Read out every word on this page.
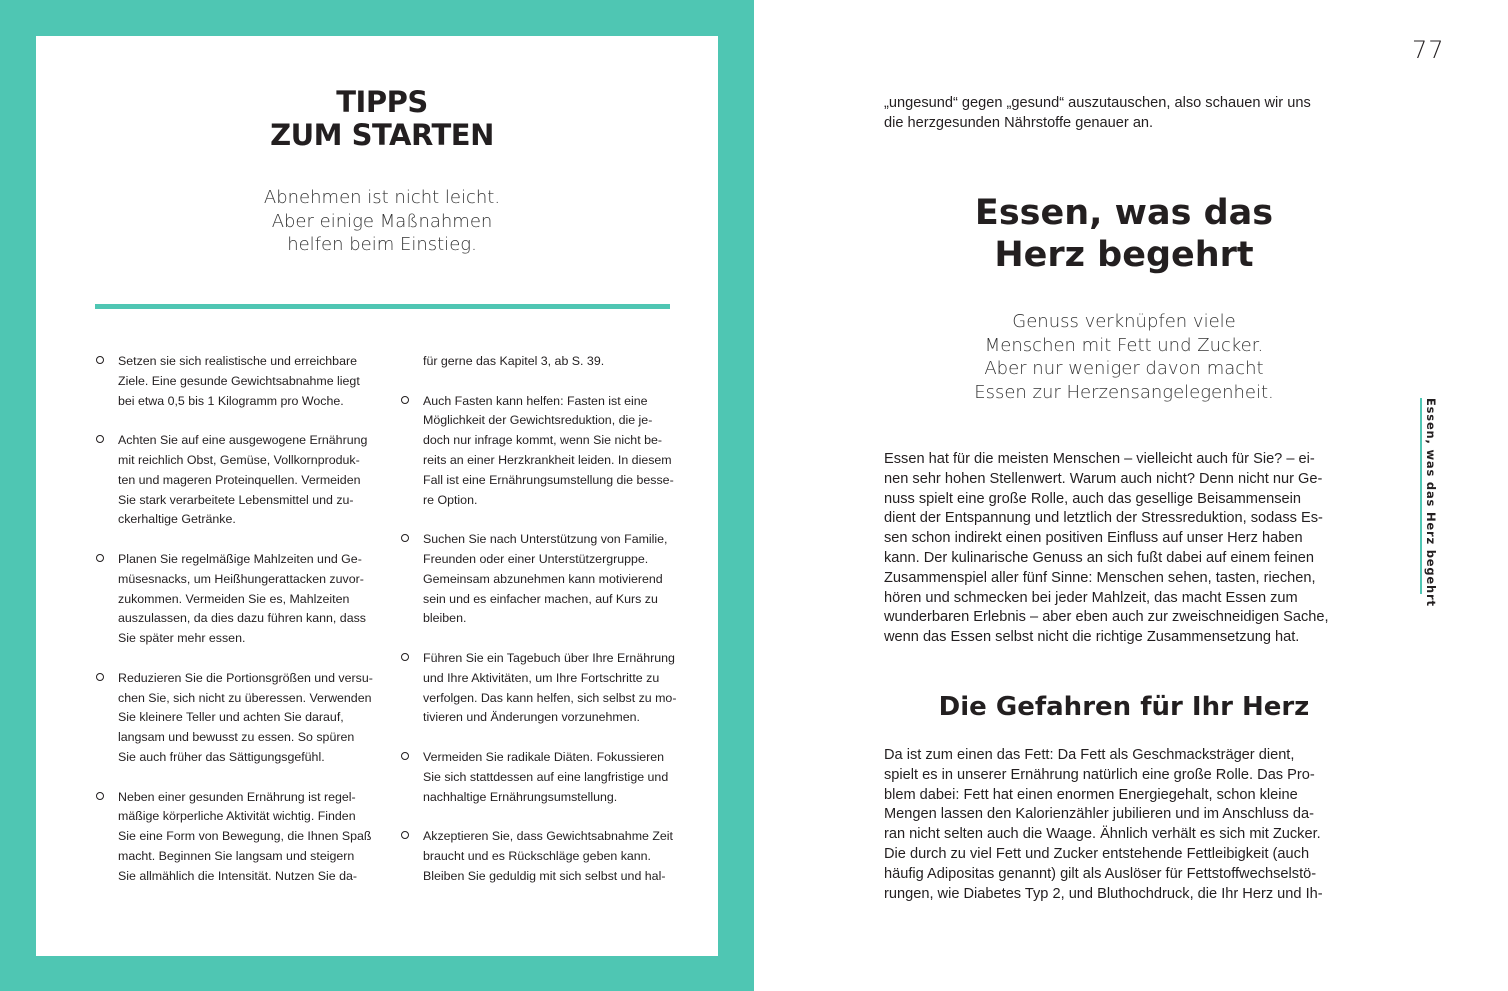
TIPPS
ZUM STARTEN

Abnehmen ist nicht leicht.
Aber einige Maßnahmen
helfen beim Einstieg.

Setzen sie sich realistische und erreichbare
Ziele. Eine gesunde Gewichtsabnahme liegt
bei etwa 0,5 bis 1 Kilogramm pro Woche.
Achten Sie auf eine ausgewogene Ernährung
mit reichlich Obst, Gemüse, Vollkornproduk-
ten und mageren Proteinquellen. Vermeiden
Sie stark verarbeitete Lebensmittel und zu-
ckerhaltige Getränke.
Planen Sie regelmäßige Mahlzeiten und Ge-
müsesnacks, um Heißhungerattacken zuvor-
zukommen. Vermeiden Sie es, Mahlzeiten
auszulassen, da dies dazu führen kann, dass
Sie später mehr essen.
Reduzieren Sie die Portionsgrößen und versu-
chen Sie, sich nicht zu überessen. Verwenden
Sie kleinere Teller und achten Sie darauf,
langsam und bewusst zu essen. So spüren
Sie auch früher das Sättigungsgefühl.
Neben einer gesunden Ernährung ist regel-
mäßige körperliche Aktivität wichtig. Finden
Sie eine Form von Bewegung, die Ihnen Spaß
macht. Beginnen Sie langsam und steigern
Sie allmählich die Intensität. Nutzen Sie da-
für gerne das Kapitel 3, ab S. 39.
Auch Fasten kann helfen: Fasten ist eine
Möglichkeit der Gewichtsreduktion, die je-
doch nur infrage kommt, wenn Sie nicht be-
reits an einer Herzkrankheit leiden. In diesem
Fall ist eine Ernährungsumstellung die besse-
re Option.
Suchen Sie nach Unterstützung von Familie,
Freunden oder einer Unterstützergruppe.
Gemeinsam abzunehmen kann motivierend
sein und es einfacher machen, auf Kurs zu
bleiben.
Führen Sie ein Tagebuch über Ihre Ernährung
und Ihre Aktivitäten, um Ihre Fortschritte zu
verfolgen. Das kann helfen, sich selbst zu mo-
tivieren und Änderungen vorzunehmen.
Vermeiden Sie radikale Diäten. Fokussieren
Sie sich stattdessen auf eine langfristige und
nachhaltige Ernährungsumstellung.
Akzeptieren Sie, dass Gewichtsabnahme Zeit
braucht und es Rückschläge geben kann.
Bleiben Sie geduldig mit sich selbst und hal-
77

„ungesund“ gegen „gesund“ auszutauschen, also schauen wir uns
die herzgesunden Nährstoffe genauer an.

Essen, was das
Herz begehrt

Genuss verknüpfen viele
Menschen mit Fett und Zucker.
Aber nur weniger davon macht
Essen zur Herzensangelegenheit.

Essen hat für die meisten Menschen – vielleicht auch für Sie? – ei-
nen sehr hohen Stellenwert. Warum auch nicht? Denn nicht nur Ge-
nuss spielt eine große Rolle, auch das gesellige Beisammensein
dient der Entspannung und letztlich der Stressreduktion, sodass Es-
sen schon indirekt einen positiven Einfluss auf unser Herz haben
kann. Der kulinarische Genuss an sich fußt dabei auf einem feinen
Zusammenspiel aller fünf Sinne: Menschen sehen, tasten, riechen,
hören und schmecken bei jeder Mahlzeit, das macht Essen zum
wunderbaren Erlebnis – aber eben auch zur zweischneidigen Sache,
wenn das Essen selbst nicht die richtige Zusammensetzung hat.

Die Gefahren für Ihr Herz

Da ist zum einen das Fett: Da Fett als Geschmacksträger dient,
spielt es in unserer Ernährung natürlich eine große Rolle. Das Pro-
blem dabei: Fett hat einen enormen Energiegehalt, schon kleine
Mengen lassen den Kalorienzähler jubilieren und im Anschluss da-
ran nicht selten auch die Waage. Ähnlich verhält es sich mit Zucker.
Die durch zu viel Fett und Zucker entstehende Fettleibigkeit (auch
häufig Adipositas genannt) gilt als Auslöser für Fettstoffwechselstö-
rungen, wie Diabetes Typ 2, und Bluthochdruck, die Ihr Herz und Ih-

Essen, was das Herz begehrt
